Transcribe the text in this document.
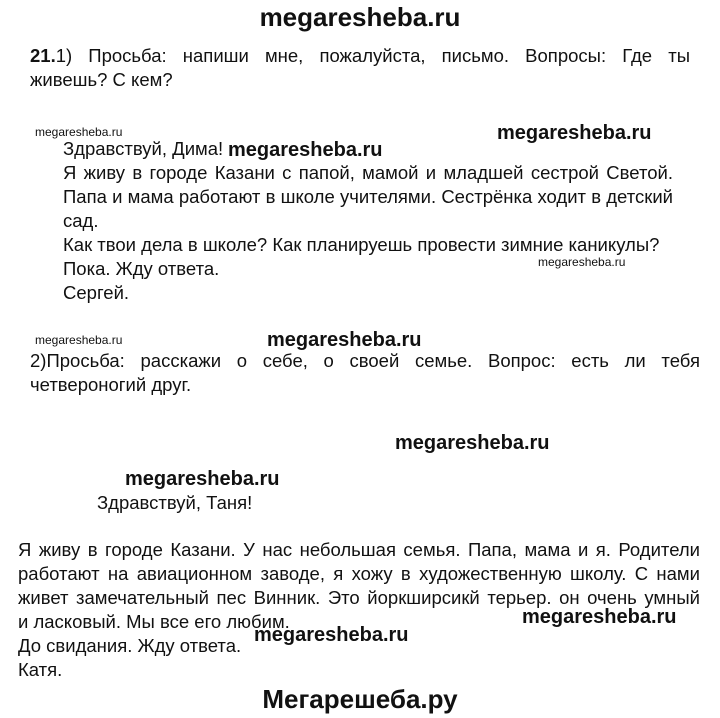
megaresheba.ru
21.1) Просьба: напиши мне, пожалуйста, письмо. Вопросы: Где ты
живешь? С кем?
megaresheba.ru	megaresheba.ru
Здравствуй, Дима! megaresheba.ru
Я живу в городе Казани с папой, мамой и младшей сестрой Светой.
Папа и мама работают в школе учителями. Сестрёнка ходит в детский
сад.
Как твои дела в школе? Как планируешь провести зимние каникулы?
Пока. Жду ответа.	megaresheba.ru
Сергей.
megaresheba.ru	megaresheba.ru
2)Просьба: расскажи о себе, о своей семье. Вопрос: есть ли тебя
четвероногий друг.
megaresheba.ru
megaresheba.ru
Здравствуй, Таня!
Я живу в городе Казани. У нас небольшая семья. Папа, мама и я. Родители
работают на авиационном заводе, я хожу в художественную школу. С нами
живет замечательный пес Винник. Это йоркширсикй терьер. он очень умный
и ласковый. Мы все его любим.	megaresheba.ru
До свидания. Жду ответа. megaresheba.ru
Катя.
Мегарешеба.ру	megaresheba.ru
